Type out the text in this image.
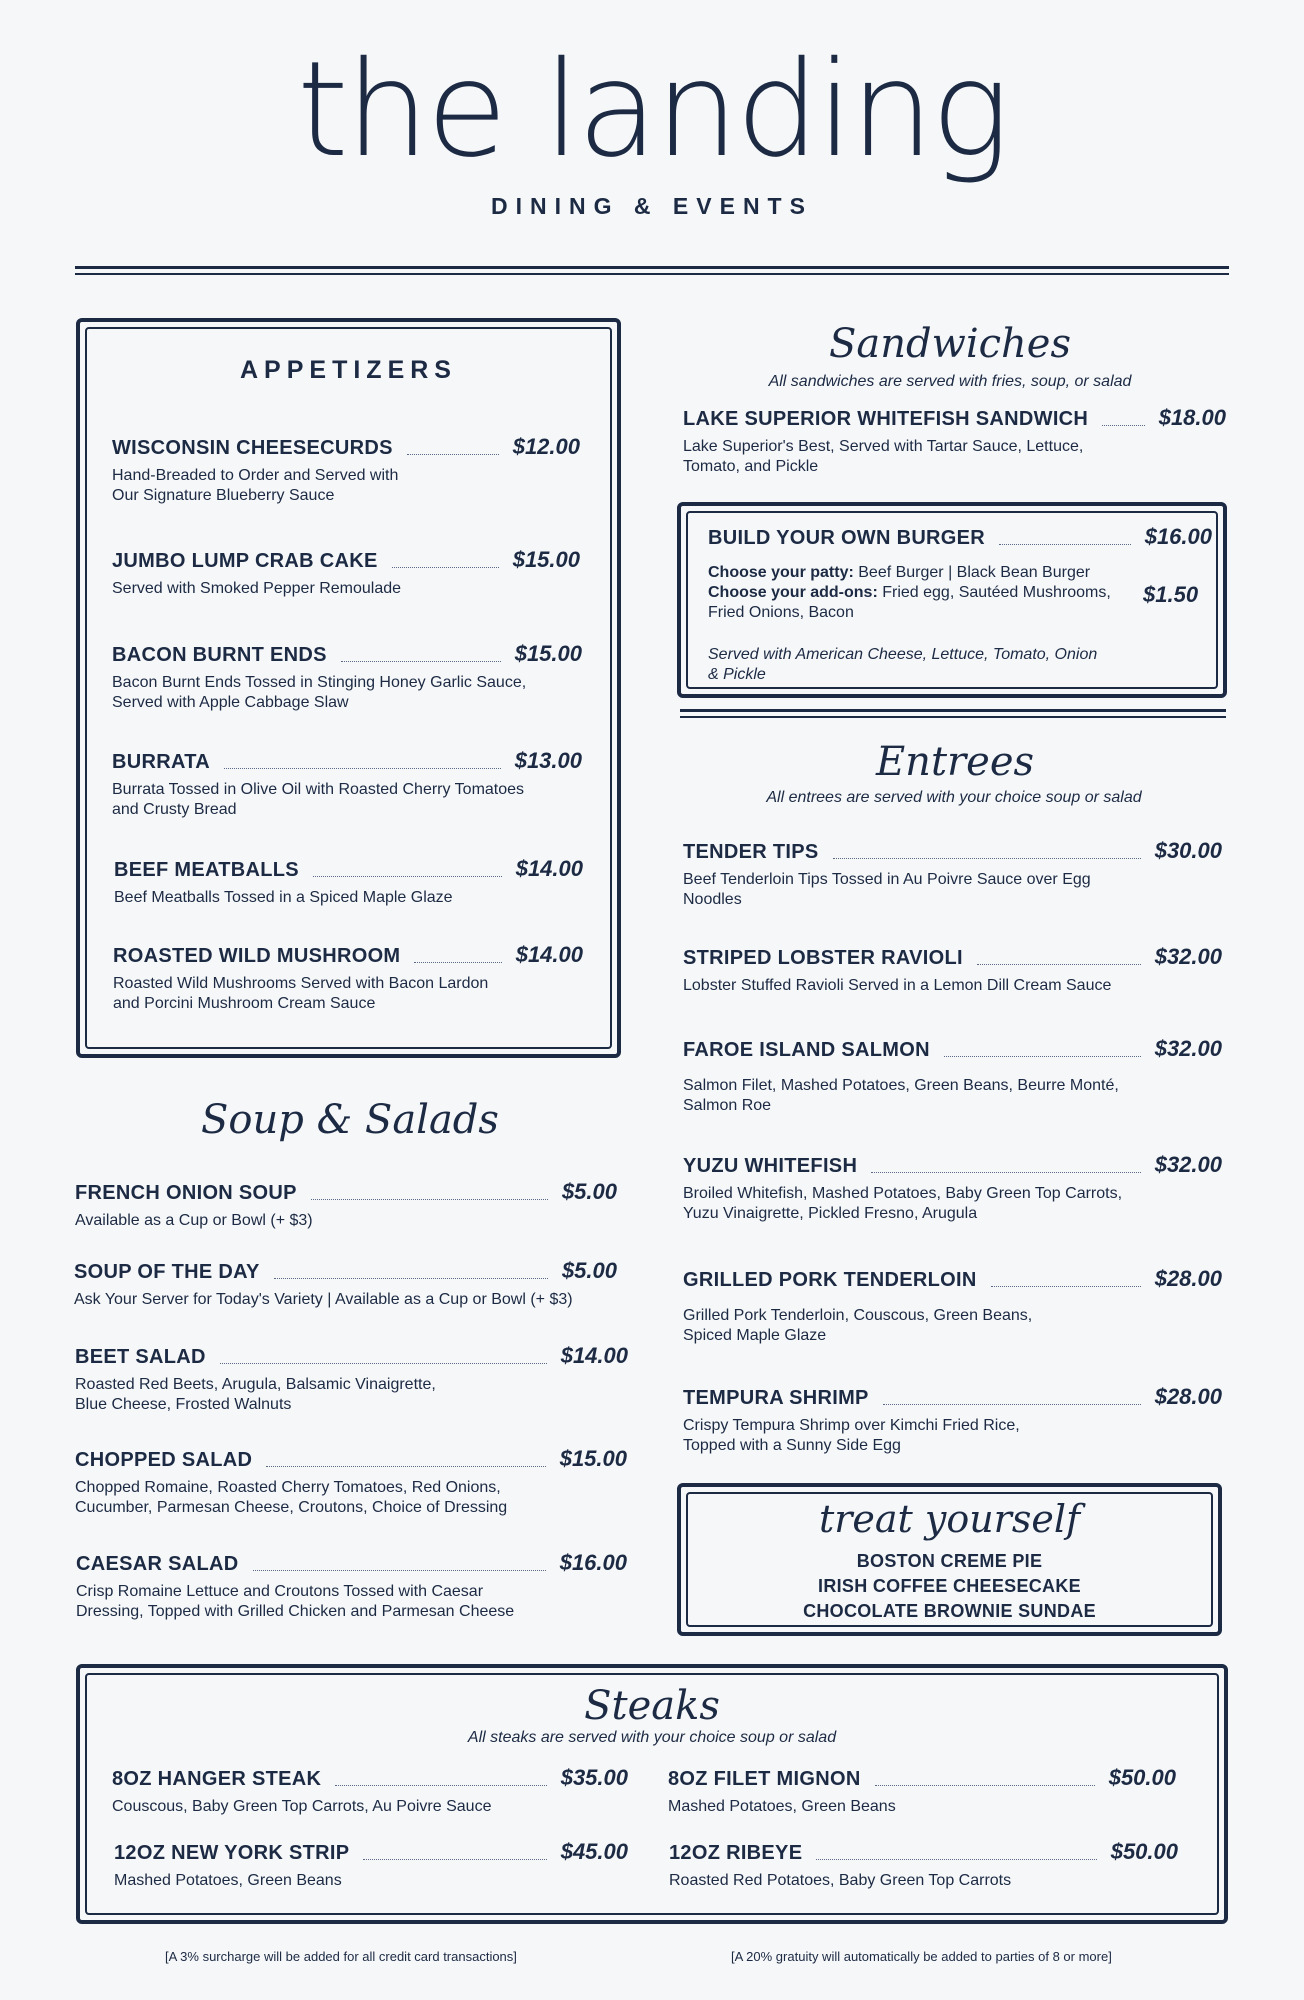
the landing
DINING & EVENTS
APPETIZERS
WISCONSIN CHEESECURDS	$12.00
Hand-Breaded to Order and Served with
Our Signature Blueberry Sauce
JUMBO LUMP CRAB CAKE	$15.00
Served with Smoked Pepper Remoulade
BACON BURNT ENDS	$15.00
Bacon Burnt Ends Tossed in Stinging Honey Garlic Sauce,
Served with Apple Cabbage Slaw
BURRATA	$13.00
Burrata Tossed in Olive Oil with Roasted Cherry Tomatoes
and Crusty Bread
BEEF MEATBALLS	$14.00
Beef Meatballs Tossed in a Spiced Maple Glaze
ROASTED WILD MUSHROOM	$14.00
Roasted Wild Mushrooms Served with Bacon Lardon
and Porcini Mushroom Cream Sauce
Soup & Salads
FRENCH ONION SOUP	$5.00
Available as a Cup or Bowl (+ $3)
SOUP OF THE DAY	$5.00
Ask Your Server for Today's Variety | Available as a Cup or Bowl (+ $3)
BEET SALAD	$14.00
Roasted Red Beets, Arugula, Balsamic Vinaigrette,
Blue Cheese, Frosted Walnuts
CHOPPED SALAD	$15.00
Chopped Romaine, Roasted Cherry Tomatoes, Red Onions,
Cucumber, Parmesan Cheese, Croutons, Choice of Dressing
CAESAR SALAD	$16.00
Crisp Romaine Lettuce and Croutons Tossed with Caesar
Dressing, Topped with Grilled Chicken and Parmesan Cheese
Sandwiches
All sandwiches are served with fries, soup, or salad
LAKE SUPERIOR WHITEFISH SANDWICH	$18.00
Lake Superior's Best, Served with Tartar Sauce, Lettuce,
Tomato, and Pickle
BUILD YOUR OWN BURGER	$16.00
Choose your patty: Beef Burger | Black Bean Burger
Choose your add-ons: Fried egg, Sautéed Mushrooms,
Fried Onions, Bacon
$1.50
Served with American Cheese, Lettuce, Tomato, Onion
& Pickle
Entrees
All entrees are served with your choice soup or salad
TENDER TIPS	$30.00
Beef Tenderloin Tips Tossed in Au Poivre Sauce over Egg
Noodles
STRIPED LOBSTER RAVIOLI	$32.00
Lobster Stuffed Ravioli Served in a Lemon Dill Cream Sauce
FAROE ISLAND SALMON	$32.00
Salmon Filet, Mashed Potatoes, Green Beans, Beurre Monté,
Salmon Roe
YUZU WHITEFISH	$32.00
Broiled Whitefish, Mashed Potatoes, Baby Green Top Carrots,
Yuzu Vinaigrette, Pickled Fresno, Arugula
GRILLED PORK TENDERLOIN	$28.00
Grilled Pork Tenderloin, Couscous, Green Beans,
Spiced Maple Glaze
TEMPURA SHRIMP	$28.00
Crispy Tempura Shrimp over Kimchi Fried Rice,
Topped with a Sunny Side Egg
treat yourself
BOSTON CREME PIE
IRISH COFFEE CHEESECAKE
CHOCOLATE BROWNIE SUNDAE
Steaks
All steaks are served with your choice soup or salad
8OZ HANGER STEAK	$35.00
Couscous, Baby Green Top Carrots, Au Poivre Sauce
8OZ FILET MIGNON	$50.00
Mashed Potatoes, Green Beans
12OZ NEW YORK STRIP	$45.00
Mashed Potatoes, Green Beans
12OZ RIBEYE	$50.00
Roasted Red Potatoes, Baby Green Top Carrots
[A 3% surcharge will be added for all credit card transactions]	[A 20% gratuity will automatically be added to parties of 8 or more]
